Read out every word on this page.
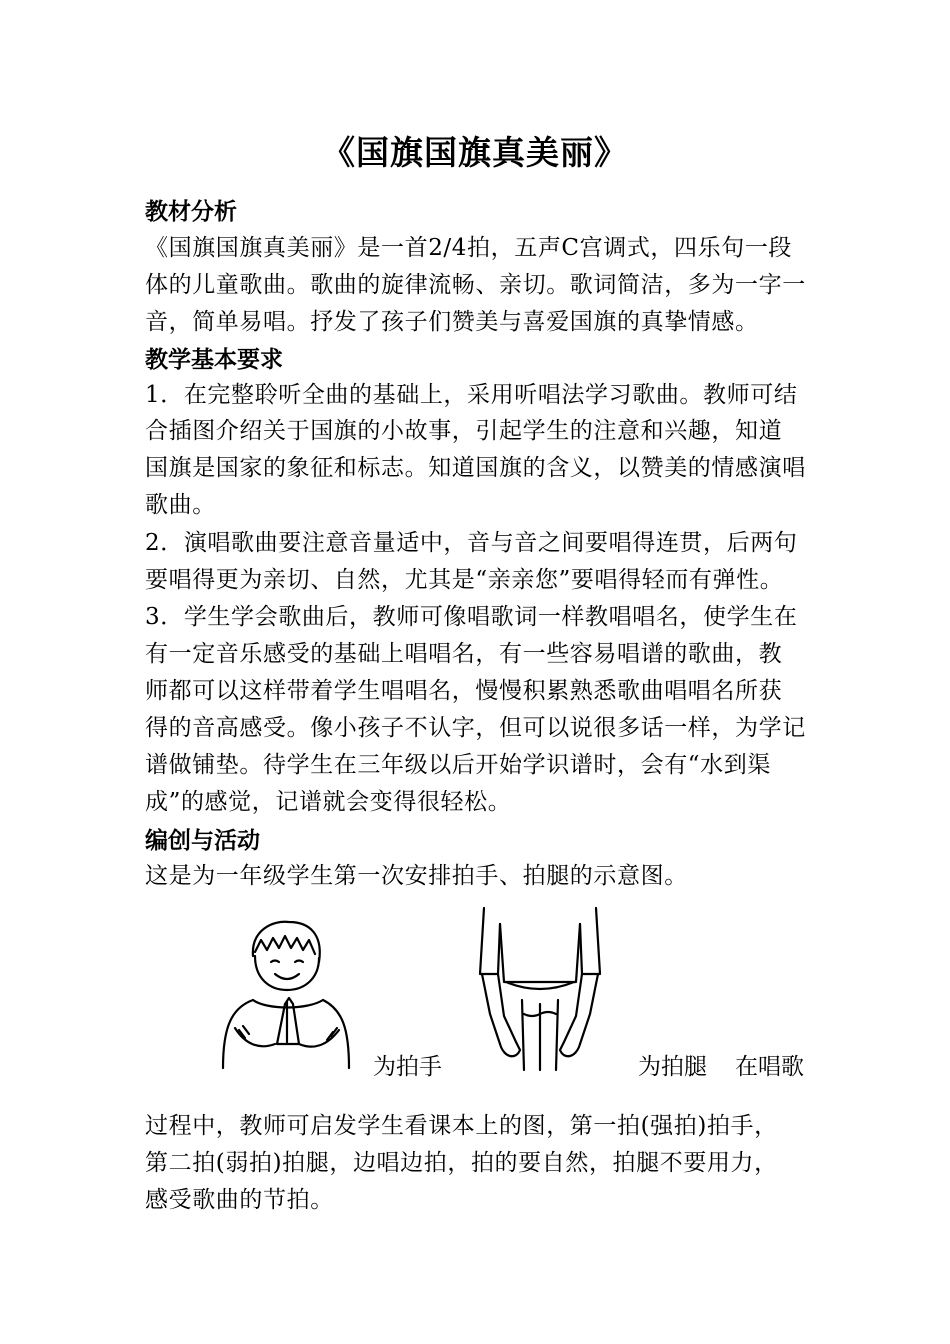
《国旗国旗真美丽》
教材分析
《国旗国旗真美丽》是一首2/4拍，五声C宫调式，四乐句一段
体的儿童歌曲。歌曲的旋律流畅、亲切。歌词简洁，多为一字一
音，简单易唱。抒发了孩子们赞美与喜爱国旗的真挚情感。
教学基本要求
1．在完整聆听全曲的基础上，采用听唱法学习歌曲。教师可结
合插图介绍关于国旗的小故事，引起学生的注意和兴趣，知道
国旗是国家的象征和标志。知道国旗的含义，以赞美的情感演唱
歌曲。
2．演唱歌曲要注意音量适中，音与音之间要唱得连贯，后两句
要唱得更为亲切、自然，尤其是“亲亲您”要唱得轻而有弹性。
3．学生学会歌曲后，教师可像唱歌词一样教唱唱名，使学生在
有一定音乐感受的基础上唱唱名，有一些容易唱谱的歌曲，教
师都可以这样带着学生唱唱名，慢慢积累熟悉歌曲唱唱名所获
得的音高感受。像小孩子不认字，但可以说很多话一样，为学记
谱做铺垫。待学生在三年级以后开始学识谱时，会有“水到渠
成”的感觉，记谱就会变得很轻松。
编创与活动
这是为一年级学生第一次安排拍手、拍腿的示意图。
为拍手	为拍腿 在唱歌
过程中，教师可启发学生看课本上的图，第一拍(强拍)拍手，
第二拍(弱拍)拍腿，边唱边拍，拍的要自然，拍腿不要用力，
感受歌曲的节拍。
